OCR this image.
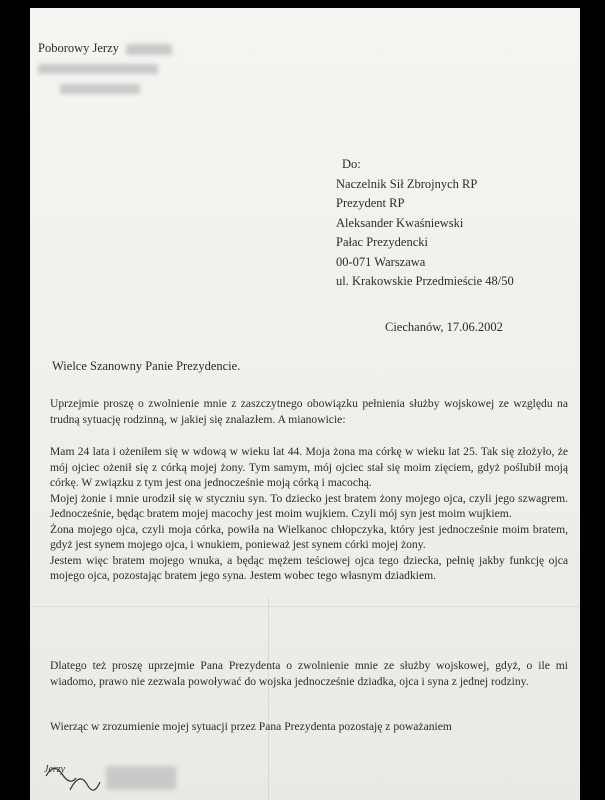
Poborowy Jerzy
Do:
Naczelnik Sił Zbrojnych RP
Prezydent RP
Aleksander Kwaśniewski
Pałac Prezydencki
00-071 Warszawa
ul. Krakowskie Przedmieście 48/50
Ciechanów, 17.06.2002
Wielce Szanowny Panie Prezydencie.
Uprzejmie proszę o zwolnienie mnie z zaszczytnego obowiązku pełnienia służby wojskowej ze względu na trudną sytuację rodzinną, w jakiej się znalazłem. A mianowicie:
Mam 24 lata i ożeniłem się w wdową w wieku lat 44. Moja żona ma córkę w wieku lat 25. Tak się złożyło, że mój ojciec ożenił się z córką mojej żony. Tym samym, mój ojciec stał się moim zięciem, gdyż poślubił moją córkę. W związku z tym jest ona jednocześnie moją córką i macochą.
Mojej żonie i mnie urodził się w styczniu syn. To dziecko jest bratem żony mojego ojca, czyli jego szwagrem. Jednocześnie, będąc bratem mojej macochy jest moim wujkiem. Czyli mój syn jest moim wujkiem.
Żona mojego ojca, czyli moja córka, powiła na Wielkanoc chłopczyka, który jest jednocześnie moim bratem, gdyż jest synem mojego ojca, i wnukiem, ponieważ jest synem córki mojej żony.
Jestem więc bratem mojego wnuka, a będąc mężem teściowej ojca tego dziecka, pełnię jakby funkcję ojca mojego ojca, pozostając bratem jego syna. Jestem wobec tego własnym dziadkiem.
Dlatego też proszę uprzejmie Pana Prezydenta o zwolnienie mnie ze służby wojskowej, gdyż, o ile mi wiadomo, prawo nie zezwala powoływać do wojska jednocześnie dziadka, ojca i syna z jednej rodziny.
Wierząc w zrozumienie mojej sytuacji przez Pana Prezydenta pozostaję z poważaniem
Jerzy
